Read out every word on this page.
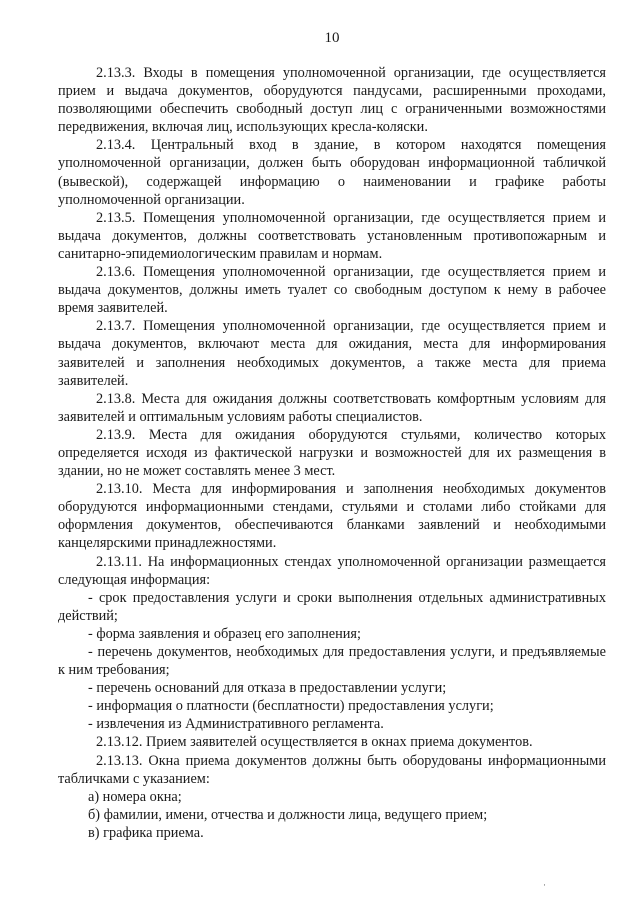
10

2.13.3. Входы в помещения уполномоченной организации, где осуществляется прием и выдача документов, оборудуются пандусами, расширенными проходами, позволяющими обеспечить свободный доступ лиц с ограниченными возможностями передвижения, включая лиц, использующих кресла-коляски.

2.13.4. Центральный вход в здание, в котором находятся помещения уполномоченной организации, должен быть оборудован информационной табличкой (вывеской), содержащей информацию о наименовании и графике работы уполномоченной организации.

2.13.5. Помещения уполномоченной организации, где осуществляется прием и выдача документов, должны соответствовать установленным противопожарным и санитарно-эпидемиологическим правилам и нормам.

2.13.6. Помещения уполномоченной организации, где осуществляется прием и выдача документов, должны иметь туалет со свободным доступом к нему в рабочее время заявителей.

2.13.7. Помещения уполномоченной организации, где осуществляется прием и выдача документов, включают места для ожидания, места для информирования заявителей и заполнения необходимых документов, а также места для приема заявителей.

2.13.8. Места для ожидания должны соответствовать комфортным условиям для заявителей и оптимальным условиям работы специалистов.

2.13.9. Места для ожидания оборудуются стульями, количество которых определяется исходя из фактической нагрузки и возможностей для их размещения в здании, но не может составлять менее 3 мест.

2.13.10. Места для информирования и заполнения необходимых документов оборудуются информационными стендами, стульями и столами либо стойками для оформления документов, обеспечиваются бланками заявлений и необходимыми канцелярскими принадлежностями.

2.13.11. На информационных стендах уполномоченной организации размещается следующая информация:

- срок предоставления услуги и сроки выполнения отдельных административных действий;

- форма заявления и образец его заполнения;

- перечень документов, необходимых для предоставления услуги, и предъявляемые к ним требования;

- перечень оснований для отказа в предоставлении услуги;

- информация о платности (бесплатности) предоставления услуги;

- извлечения из Административного регламента.

2.13.12. Прием заявителей осуществляется в окнах приема документов.

2.13.13. Окна приема документов должны быть оборудованы информационными табличками с указанием:

а) номера окна;

б) фамилии, имени, отчества и должности лица, ведущего прием;

в) графика приема.

·
